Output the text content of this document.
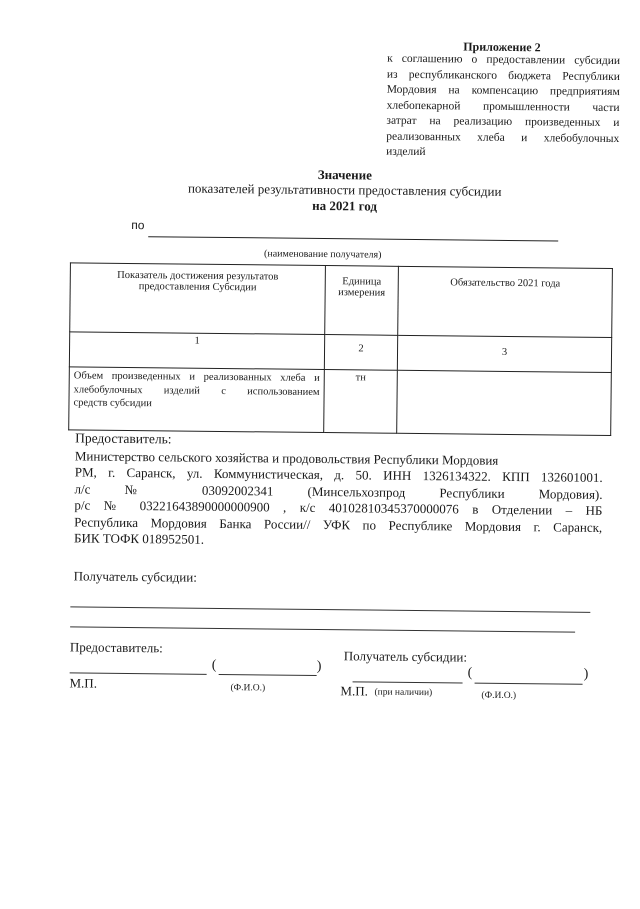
Приложение 2
к соглашению о предоставлении субсидии
из республиканского бюджета Республики
Мордовия на компенсацию предприятиям
хлебопекарной промышленности части
затрат на реализацию произведенных и
реализованных хлеба и хлебобулочных
изделий
Значение
показателей результативности предоставления субсидии
на 2021 год
по
(наименование получателя)
Показатель достижения результатов предоставления Субсидии	Единица измерения	Обязательство 2021 года
1	2	3

Объем произведенных и реализованных хлеба и
хлебобулочных изделий с использованием
средств субсидии	тн	
Предоставитель:
Министерство сельского хозяйства и продовольствия Республики Мордовия
РМ, г. Саранск, ул. Коммунистическая, д. 50. ИНН 1326134322. КПП 132601001.
л/с № 03092002341 (Минсельхозпрод Республики Мордовия).
р/с № 03221643890000000900 , к/с 40102810345370000076 в Отделении – НБ
Республика Мордовия Банка России// УФК по Республике Мордовия г. Саранск,
БИК ТОФК 018952501.
Получатель субсидии:
Предоставитель:
Получатель субсидии:
(	)	(	)
М.П.	(Ф.И.О.)	М.П. (при наличии)	(Ф.И.О.)
